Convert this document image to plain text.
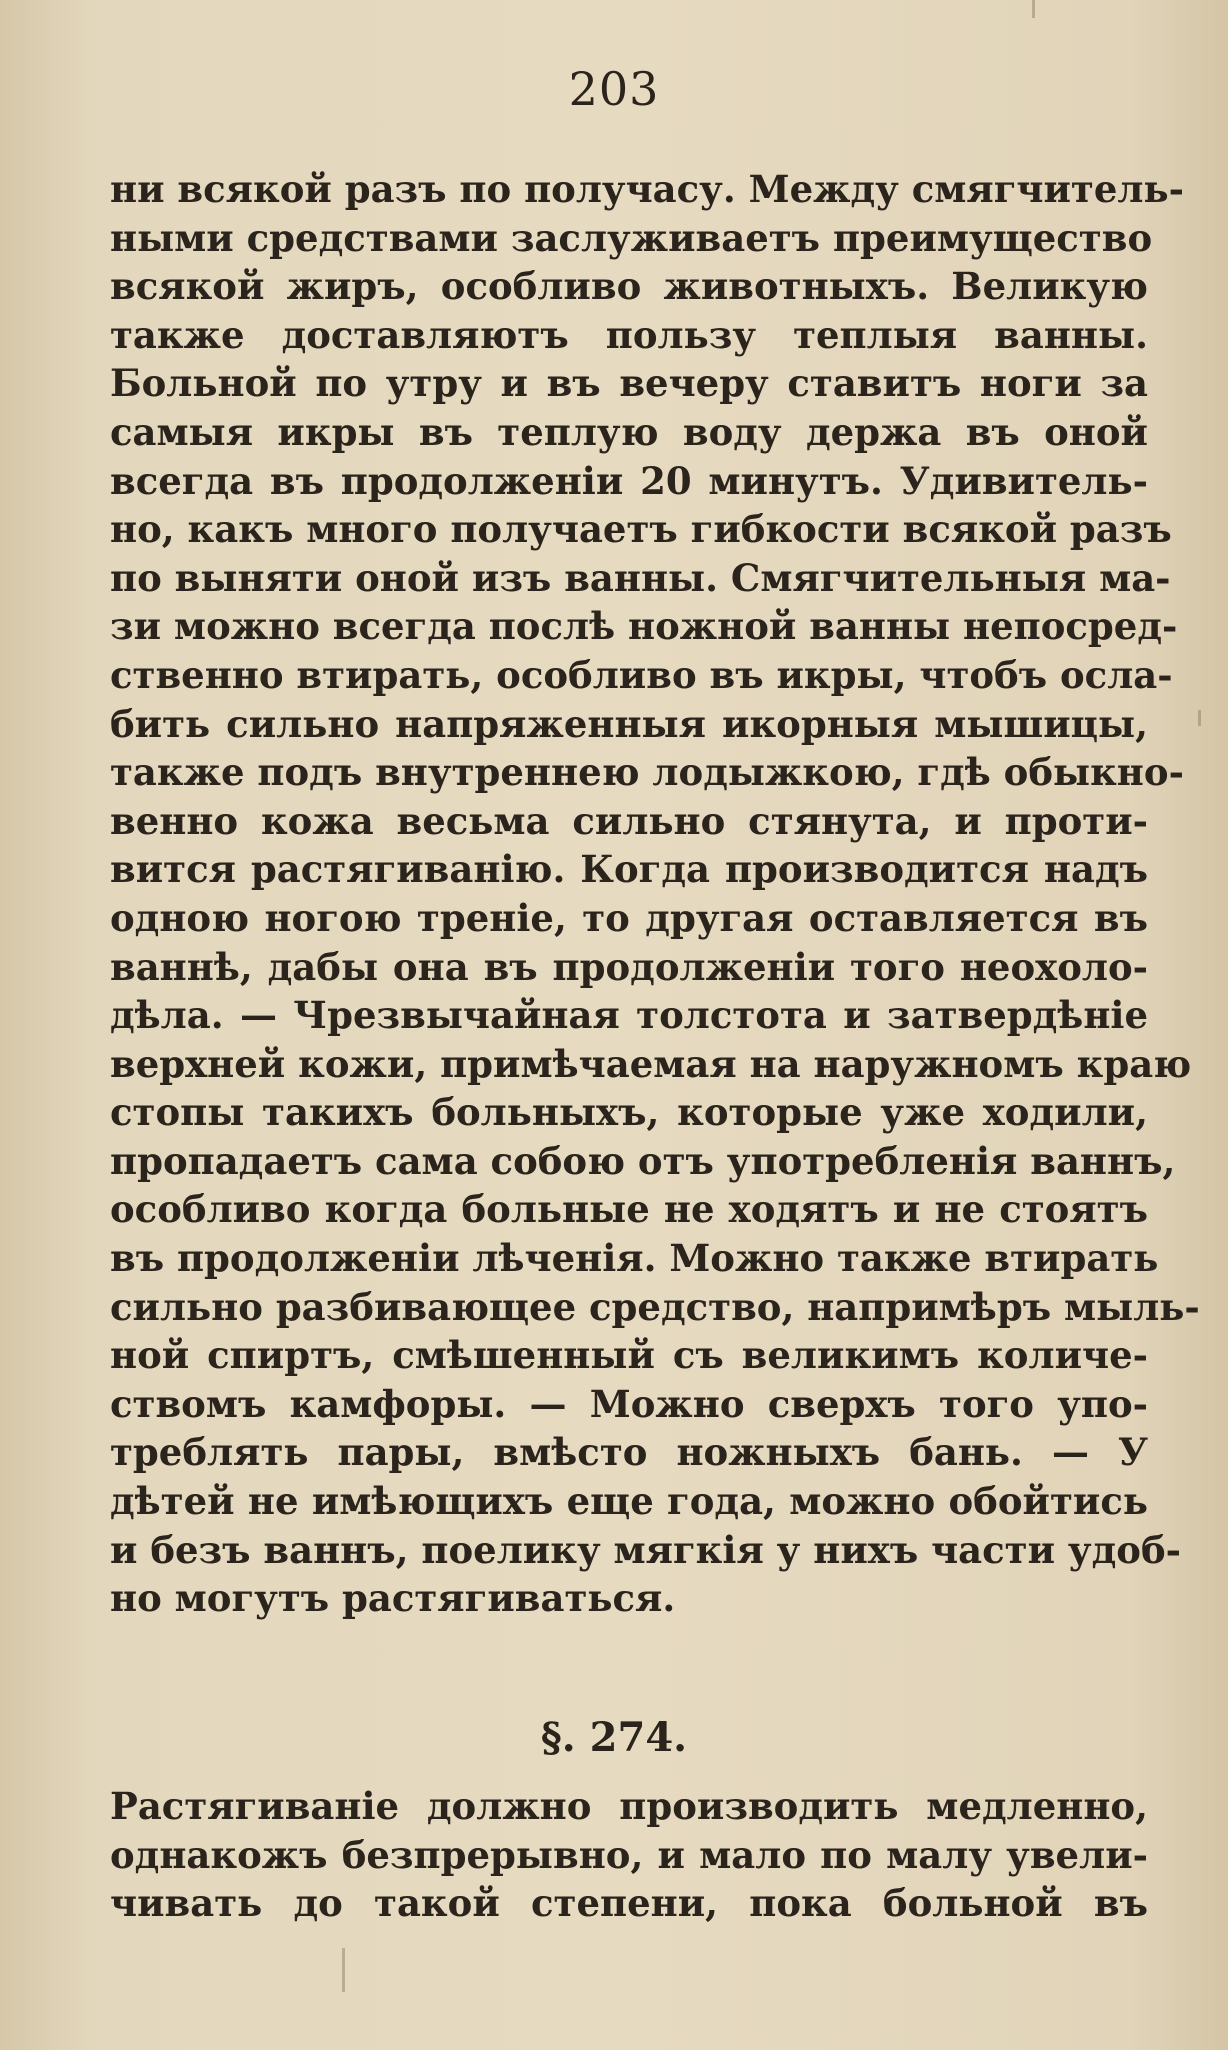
203
ни всякой разъ по получасу. Между смягчитель-
ными средствами заслуживаетъ преимущество
всякой жиръ, особливо животныхъ. Великую
также доставляютъ пользу теплыя ванны.
Больной по утру и въ вечеру ставитъ ноги за
самыя икры въ теплую воду держа въ оной
всегда въ продолженiи 20 минутъ. Удивитель-
но, какъ много получаетъ гибкости всякой разъ
по выняти оной изъ ванны. Смягчительныя ма-
зи можно всегда послѣ ножной ванны непосред-
ственно втирать, особливо въ икры, чтобъ осла-
бить сильно напряженныя икорныя мышицы,
также подъ внутреннею лодыжкою, гдѣ обыкно-
венно кожа весьма сильно стянута, и проти-
вится растягиванiю. Когда производится надъ
одною ногою тренiе, то другая оставляется въ
ваннѣ, дабы она въ продолженiи того неохоло-
дѣла. — Чрезвычайная толстота и затвердѣнiе
верхней кожи, примѣчаемая на наружномъ краю
стопы такихъ больныхъ, которые уже ходили,
пропадаетъ сама собою отъ употребленiя ваннъ,
особливо когда больные не ходятъ и не стоятъ
въ продолженiи лѣченiя. Можно также втирать
сильно разбивающее средство, напримѣръ мыль-
ной спиртъ, смѣшенный съ великимъ количе-
ствомъ камфоры. — Можно сверхъ того упо-
треблять пары, вмѣсто ножныхъ бань. — У
дѣтей не имѣющихъ еще года, можно обойтись
и безъ ваннъ, поелику мягкiя у нихъ части удоб-
но могутъ растягиваться.
§. 274.
Растягиванiе должно производить медленно,
однакожъ безпрерывно, и мало по малу увели-
чивать до такой степени, пока больной въ
